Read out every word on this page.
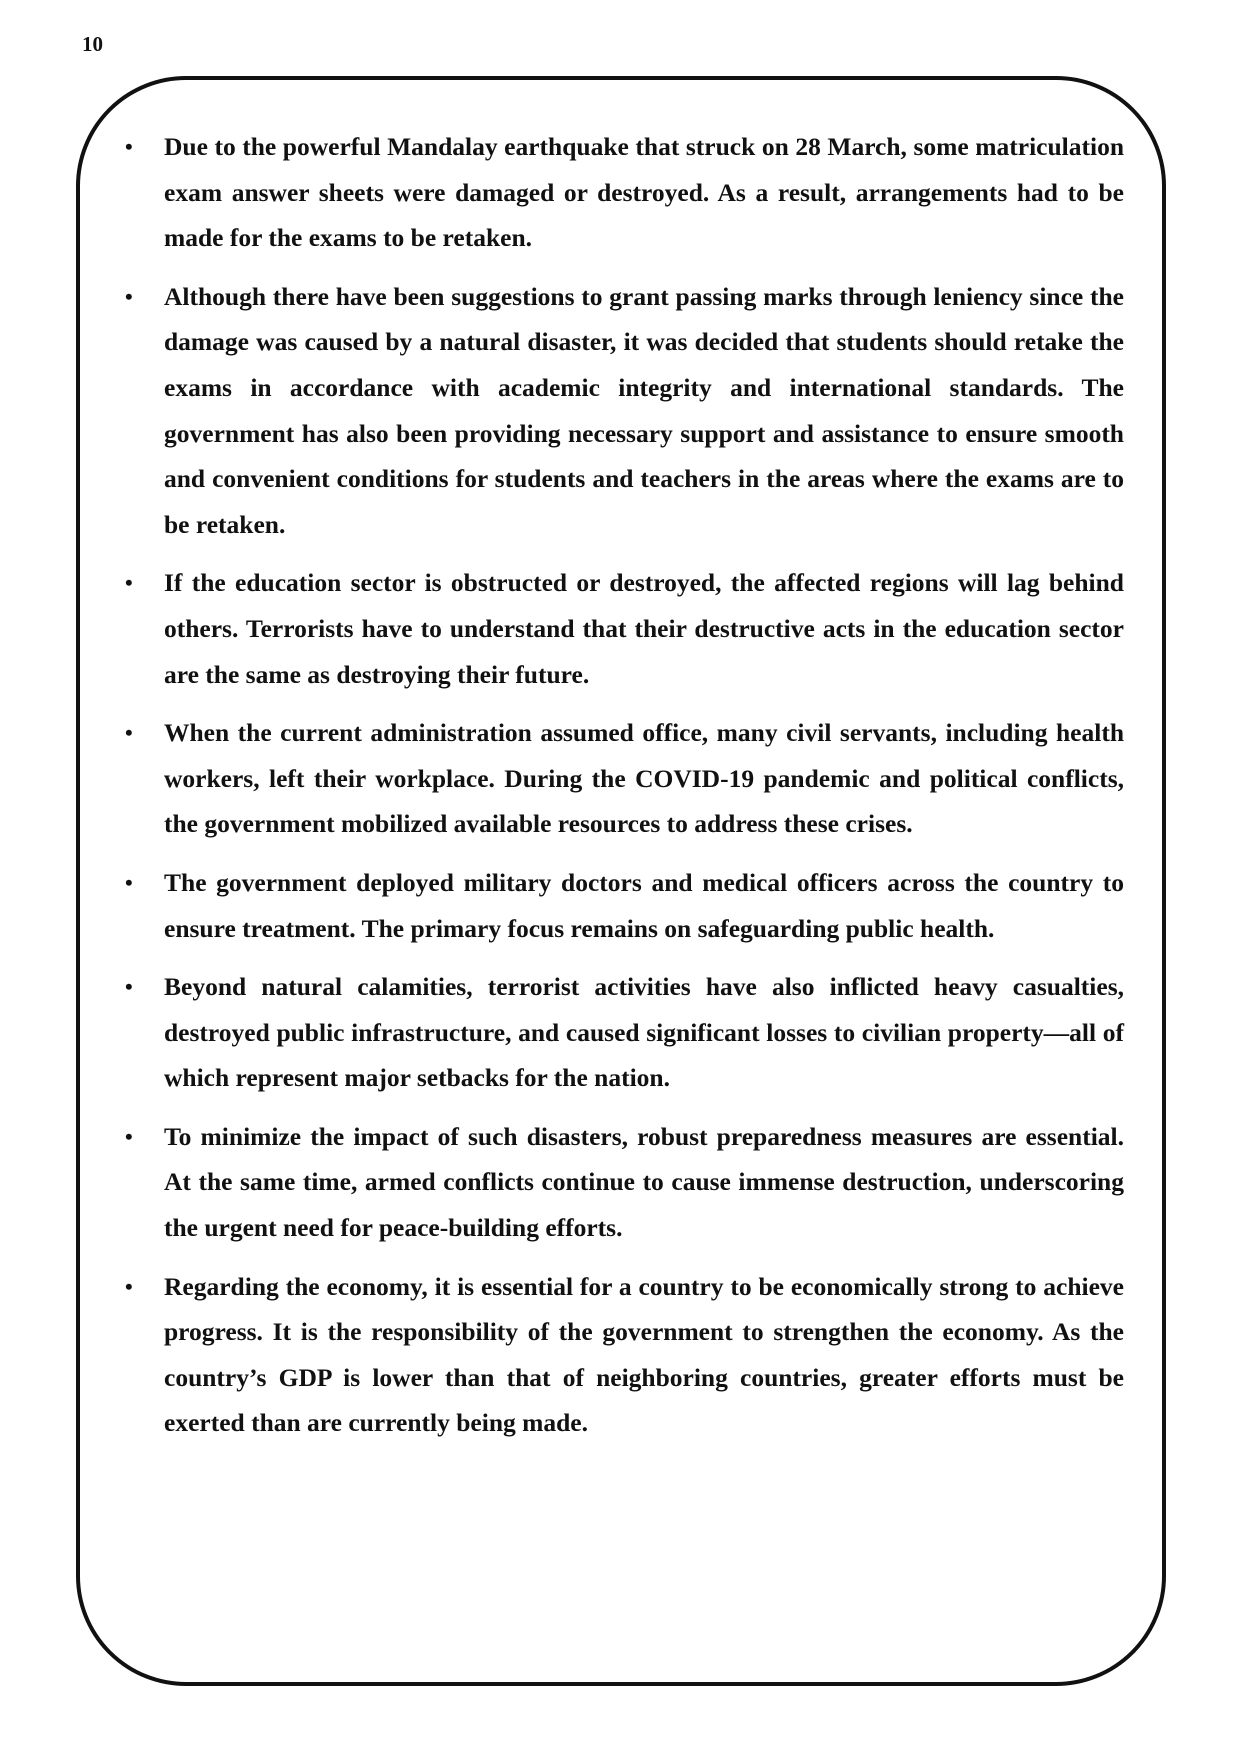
10
• Due to the powerful Mandalay earthquake that struck on 28 March, some matriculation exam answer sheets were damaged or destroyed. As a result, arrangements had to be made for the exams to be retaken.
• Although there have been suggestions to grant passing marks through leniency since the damage was caused by a natural disaster, it was decided that students should retake the exams in accordance with academic integrity and international standards. The government has also been providing necessary support and assistance to ensure smooth and convenient conditions for students and teachers in the areas where the exams are to be retaken.
• If the education sector is obstructed or destroyed, the affected regions will lag behind others. Terrorists have to understand that their destructive acts in the education sector are the same as destroying their future.
• When the current administration assumed office, many civil servants, including health workers, left their workplace. During the COVID-19 pandemic and political conflicts, the government mobilized available resources to address these crises.
• The government deployed military doctors and medical officers across the country to ensure treatment. The primary focus remains on safeguarding public health.
• Beyond natural calamities, terrorist activities have also inflicted heavy casualties, destroyed public infrastructure, and caused significant losses to civilian property—all of which represent major setbacks for the nation.
• To minimize the impact of such disasters, robust preparedness measures are essential. At the same time, armed conflicts continue to cause immense destruction, underscoring the urgent need for peace-building efforts.
• Regarding the economy, it is essential for a country to be economically strong to achieve progress. It is the responsibility of the government to strengthen the economy. As the country’s GDP is lower than that of neighboring countries, greater efforts must be exerted than are currently being made.
